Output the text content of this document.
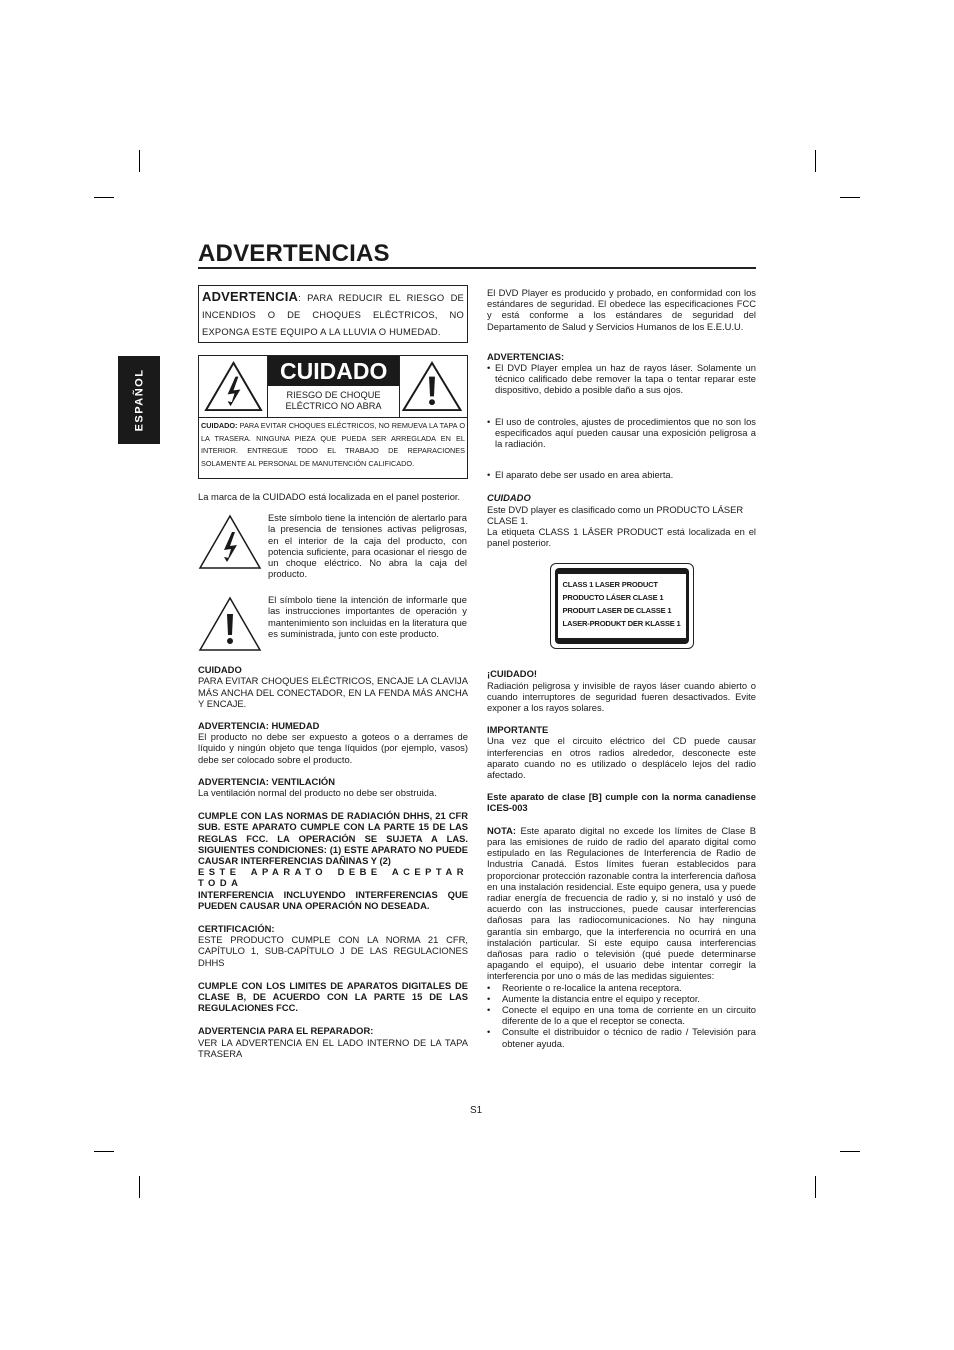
ADVERTENCIAS
ESPAÑOL
ADVERTENCIA: PARA REDUCIR EL RIESGO DE INCENDIOS O DE CHOQUES ELÉCTRICOS, NO EXPONGA ESTE EQUIPO A LA LLUVIA O HUMEDAD.
CUIDADO
RIESGO DE CHOQUE
ELÉCTRICO NO ABRA
CUIDADO: PARA EVITAR CHOQUES ELÉCTRICOS, NO REMUEVA LA TAPA O LA TRASERA. NINGUNA PIEZA QUE PUEDA SER ARREGLADA EN EL INTERIOR. ENTREGUE TODO EL TRABAJO DE REPARACIONES SOLAMENTE AL PERSONAL DE MANUTENCIÓN CALIFICADO.

La marca de la CUIDADO está localizada en el panel posterior.

Este símbolo tiene la intención de alertarlo para la presencia de tensiones activas peligrosas, en el interior de la caja del producto, con potencia suficiente, para ocasionar el riesgo de un choque eléctrico. No abra la caja del producto.

El símbolo tiene la intención de informarle que las instrucciones importantes de operación y mantenimiento son incluidas en la literatura que es suministrada, junto con este producto.

CUIDADO

PARA EVITAR CHOQUES ELÉCTRICOS, ENCAJE LA CLAVIJA MÁS ANCHA DEL CONECTADOR, EN LA FENDA MÁS ANCHA Y ENCAJE.

ADVERTENCIA: HUMEDAD

El producto no debe ser expuesto a goteos o a derrames de líquido y ningún objeto que tenga líquidos (por ejemplo, vasos) debe ser colocado sobre el producto.

ADVERTENCIA: VENTILACIÓN

La ventilación normal del producto no debe ser obstruida.

CUMPLE CON LAS NORMAS DE RADIACIÓN DHHS, 21 CFR SUB. ESTE APARATO CUMPLE CON LA PARTE 15 DE LAS REGLAS FCC. LA OPERACIÓN SE SUJETA A LAS. SIGUIENTES CONDICIONES: (1) ESTE APARATO NO PUEDE CAUSAR INTERFERENCIAS DAÑINAS Y (2)
ESTE APARATO DEBE ACEPTAR TODA
INTERFERENCIA INCLUYENDO INTERFERENCIAS QUE PUEDEN CAUSAR UNA OPERACIÓN NO DESEADA.

CERTIFICACIÓN:

ESTE PRODUCTO CUMPLE CON LA NORMA 21 CFR, CAPÍTULO 1, SUB-CAPÍTULO J DE LAS REGULACIONES DHHS

CUMPLE CON LOS LIMITES DE APARATOS DIGITALES DE CLASE B, DE ACUERDO CON LA PARTE 15 DE LAS REGULACIONES FCC.

ADVERTENCIA PARA EL REPARADOR:

VER LA ADVERTENCIA EN EL LADO INTERNO DE LA TAPA TRASERA

El DVD Player es producido y probado, en conformidad con los estándares de seguridad. El obedece las especificaciones FCC y está conforme a los estándares de seguridad del Departamento de Salud y Servicios Humanos de los E.E.U.U.

ADVERTENCIAS:

• El DVD Player emplea un haz de rayos láser. Solamente un técnico calificado debe remover la tapa o tentar reparar este dispositivo, debido a posible daño a sus ojos.
• El uso de controles, ajustes de procedimientos que no son los especificados aquí pueden causar una exposición peligrosa a la radiación.
• El aparato debe ser usado en area abierta.

CUIDADO

Este DVD player es clasificado como un PRODUCTO LÁSER CLASE 1.

La etiqueta CLASS 1 LÁSER PRODUCT está localizada en el panel posterior.

CLASS 1 LASER PRODUCT
PRODUCTO LÁSER CLASE 1
PRODUIT LASER DE CLASSE 1
LASER-PRODUKT DER KLASSE 1

¡CUIDADO!

Radiación peligrosa y invisible de rayos láser cuando abierto o cuando interruptores de seguridad fueren desactivados. Evite exponer a los rayos solares.

IMPORTANTE

Una vez que el circuito eléctrico del CD puede causar interferencias en otros radios alrededor, desconecte este aparato cuando no es utilizado o desplácelo lejos del radio afectado.

Este aparato de clase [B] cumple con la norma canadiense ICES-003

NOTA: Este aparato digital no excede los límites de Clase B para las emisiones de ruido de radio del aparato digital como estipulado en las Regulaciones de Interferencia de Radio de Industria Canadá. Estos límites fueran establecidos para proporcionar protección razonable contra la interferencia dañosa en una instalación residencial. Este equipo genera, usa y puede radiar energía de frecuencia de radio y, si no instaló y usó de acuerdo con las instrucciones, puede causar interferencias dañosas para las radiocomunicaciones. No hay ninguna garantía sin embargo, que la interferencia no ocurrirá en una instalación particular. Si este equipo causa interferencias dañosas para radio o televisión (qué puede determinarse apagando el equipo), el usuario debe intentar corregir la interferencia por uno o más de las medidas siguientes:

• Reoriente o re-localice la antena receptora.
• Aumente la distancia entre el equipo y receptor.
• Conecte el equipo en una toma de corriente en un circuito diferente de lo a que el receptor se conecta.
• Consulte el distribuidor o técnico de radio / Televisión para obtener ayuda.
S1
